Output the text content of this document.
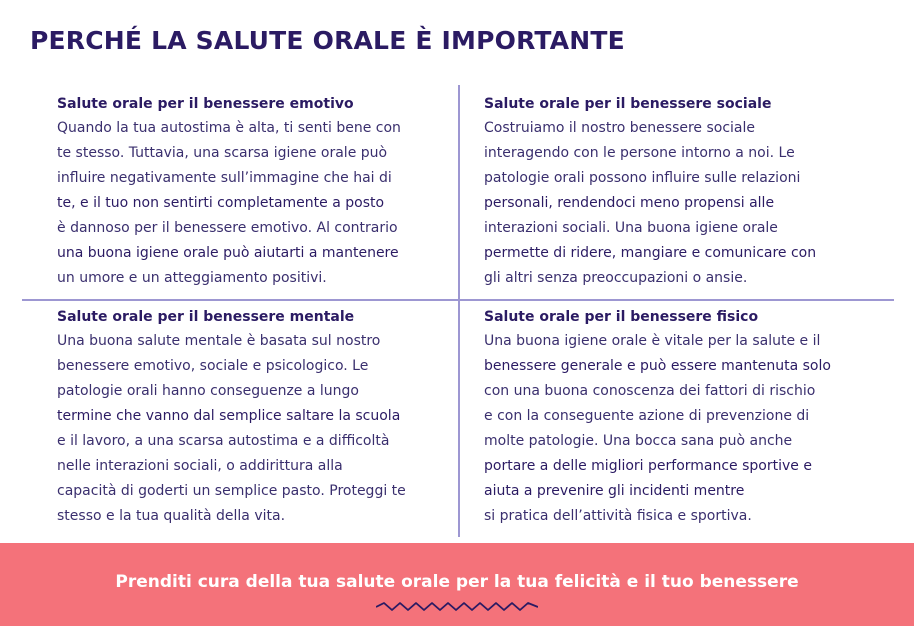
PERCHÉ LA SALUTE ORALE È IMPORTANTE
Salute orale per il benessere emotivo
Quando la tua autostima è alta, ti senti bene con
te stesso. Tuttavia, una scarsa igiene orale può
influire negativamente sull’immagine che hai di
te, e il tuo non sentirti completamente a posto
è dannoso per il benessere emotivo. Al contrario
una buona igiene orale può aiutarti a mantenere
un umore e un atteggiamento positivi.
Salute orale per il benessere sociale
Costruiamo il nostro benessere sociale
interagendo con le persone intorno a noi. Le
patologie orali possono influire sulle relazioni
personali, rendendoci meno propensi alle
interazioni sociali. Una buona igiene orale
permette di ridere, mangiare e comunicare con
gli altri senza preoccupazioni o ansie.
Salute orale per il benessere mentale
Una buona salute mentale è basata sul nostro
benessere emotivo, sociale e psicologico. Le
patologie orali hanno conseguenze a lungo
termine che vanno dal semplice saltare la scuola
e il lavoro, a una scarsa autostima e a difficoltà
nelle interazioni sociali, o addirittura alla
capacità di goderti un semplice pasto. Proteggi te
stesso e la tua qualità della vita.
Salute orale per il benessere fisico
Una buona igiene orale è vitale per la salute e il
benessere generale e può essere mantenuta solo
con una buona conoscenza dei fattori di rischio
e con la conseguente azione di prevenzione di
molte patologie. Una bocca sana può anche
portare a delle migliori performance sportive e
aiuta a prevenire gli incidenti mentre
si pratica dell’attività fisica e sportiva.
Prenditi cura della tua salute orale per la tua felicità e il tuo benessere
